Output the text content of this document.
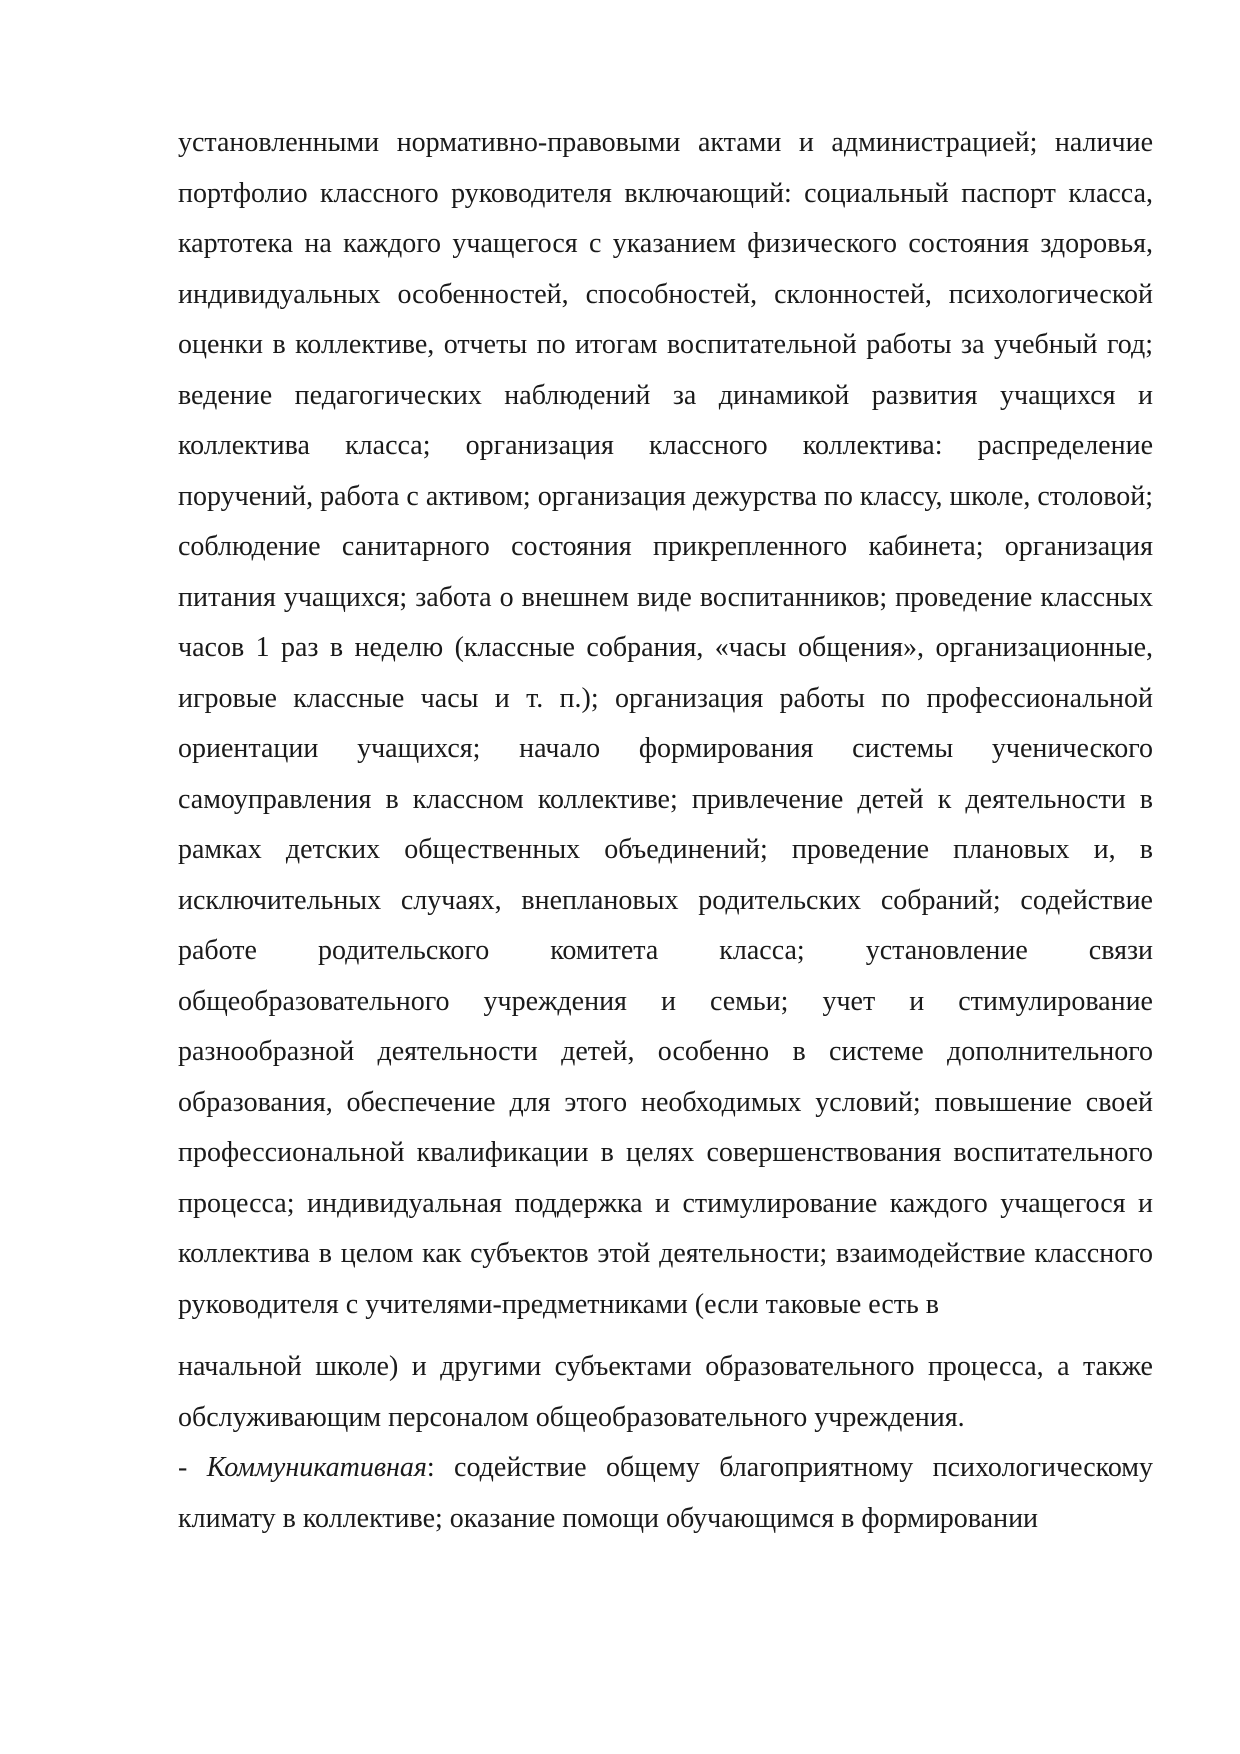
установленными нормативно-правовыми актами и администрацией; наличие портфолио классного руководителя включающий: социальный паспорт класса, картотека на каждого учащегося с указанием физического состояния здоровья, индивидуальных особенностей, способностей, склонностей, психологической оценки в коллективе, отчеты по итогам воспитательной работы за учебный год; ведение педагогических наблюдений за динамикой развития учащихся и коллектива класса; организация классного коллектива: распределение поручений, работа с активом; организация дежурства по классу, школе, столовой; соблюдение санитарного состояния прикрепленного кабинета; организация питания учащихся; забота о внешнем виде воспитанников; проведение классных часов 1 раз в неделю (классные собрания, «часы общения», организационные, игровые классные часы и т. п.); организация работы по профессиональной ориентации учащихся; начало формирования системы ученического самоуправления в классном коллективе; привлечение детей к деятельности в рамках детских общественных объединений; проведение плановых и, в исключительных случаях, внеплановых родительских собраний; содействие работе родительского комитета класса; установление связи общеобразовательного учреждения и семьи; учет и стимулирование разнообразной деятельности детей, особенно в системе дополнительного образования, обеспечение для этого необходимых условий; повышение своей профессиональной квалификации в целях совершенствования воспитательного процесса; индивидуальная поддержка и стимулирование каждого учащегося и коллектива в целом как субъектов этой деятельности; взаимодействие классного руководителя с учителями-предметниками (если таковые есть в

начальной школе) и другими субъектами образовательного процесса, а также обслуживающим персоналом общеобразовательного учреждения.

- Коммуникативная: содействие общему благоприятному психологическому климату в коллективе; оказание помощи обучающимся в формировании
